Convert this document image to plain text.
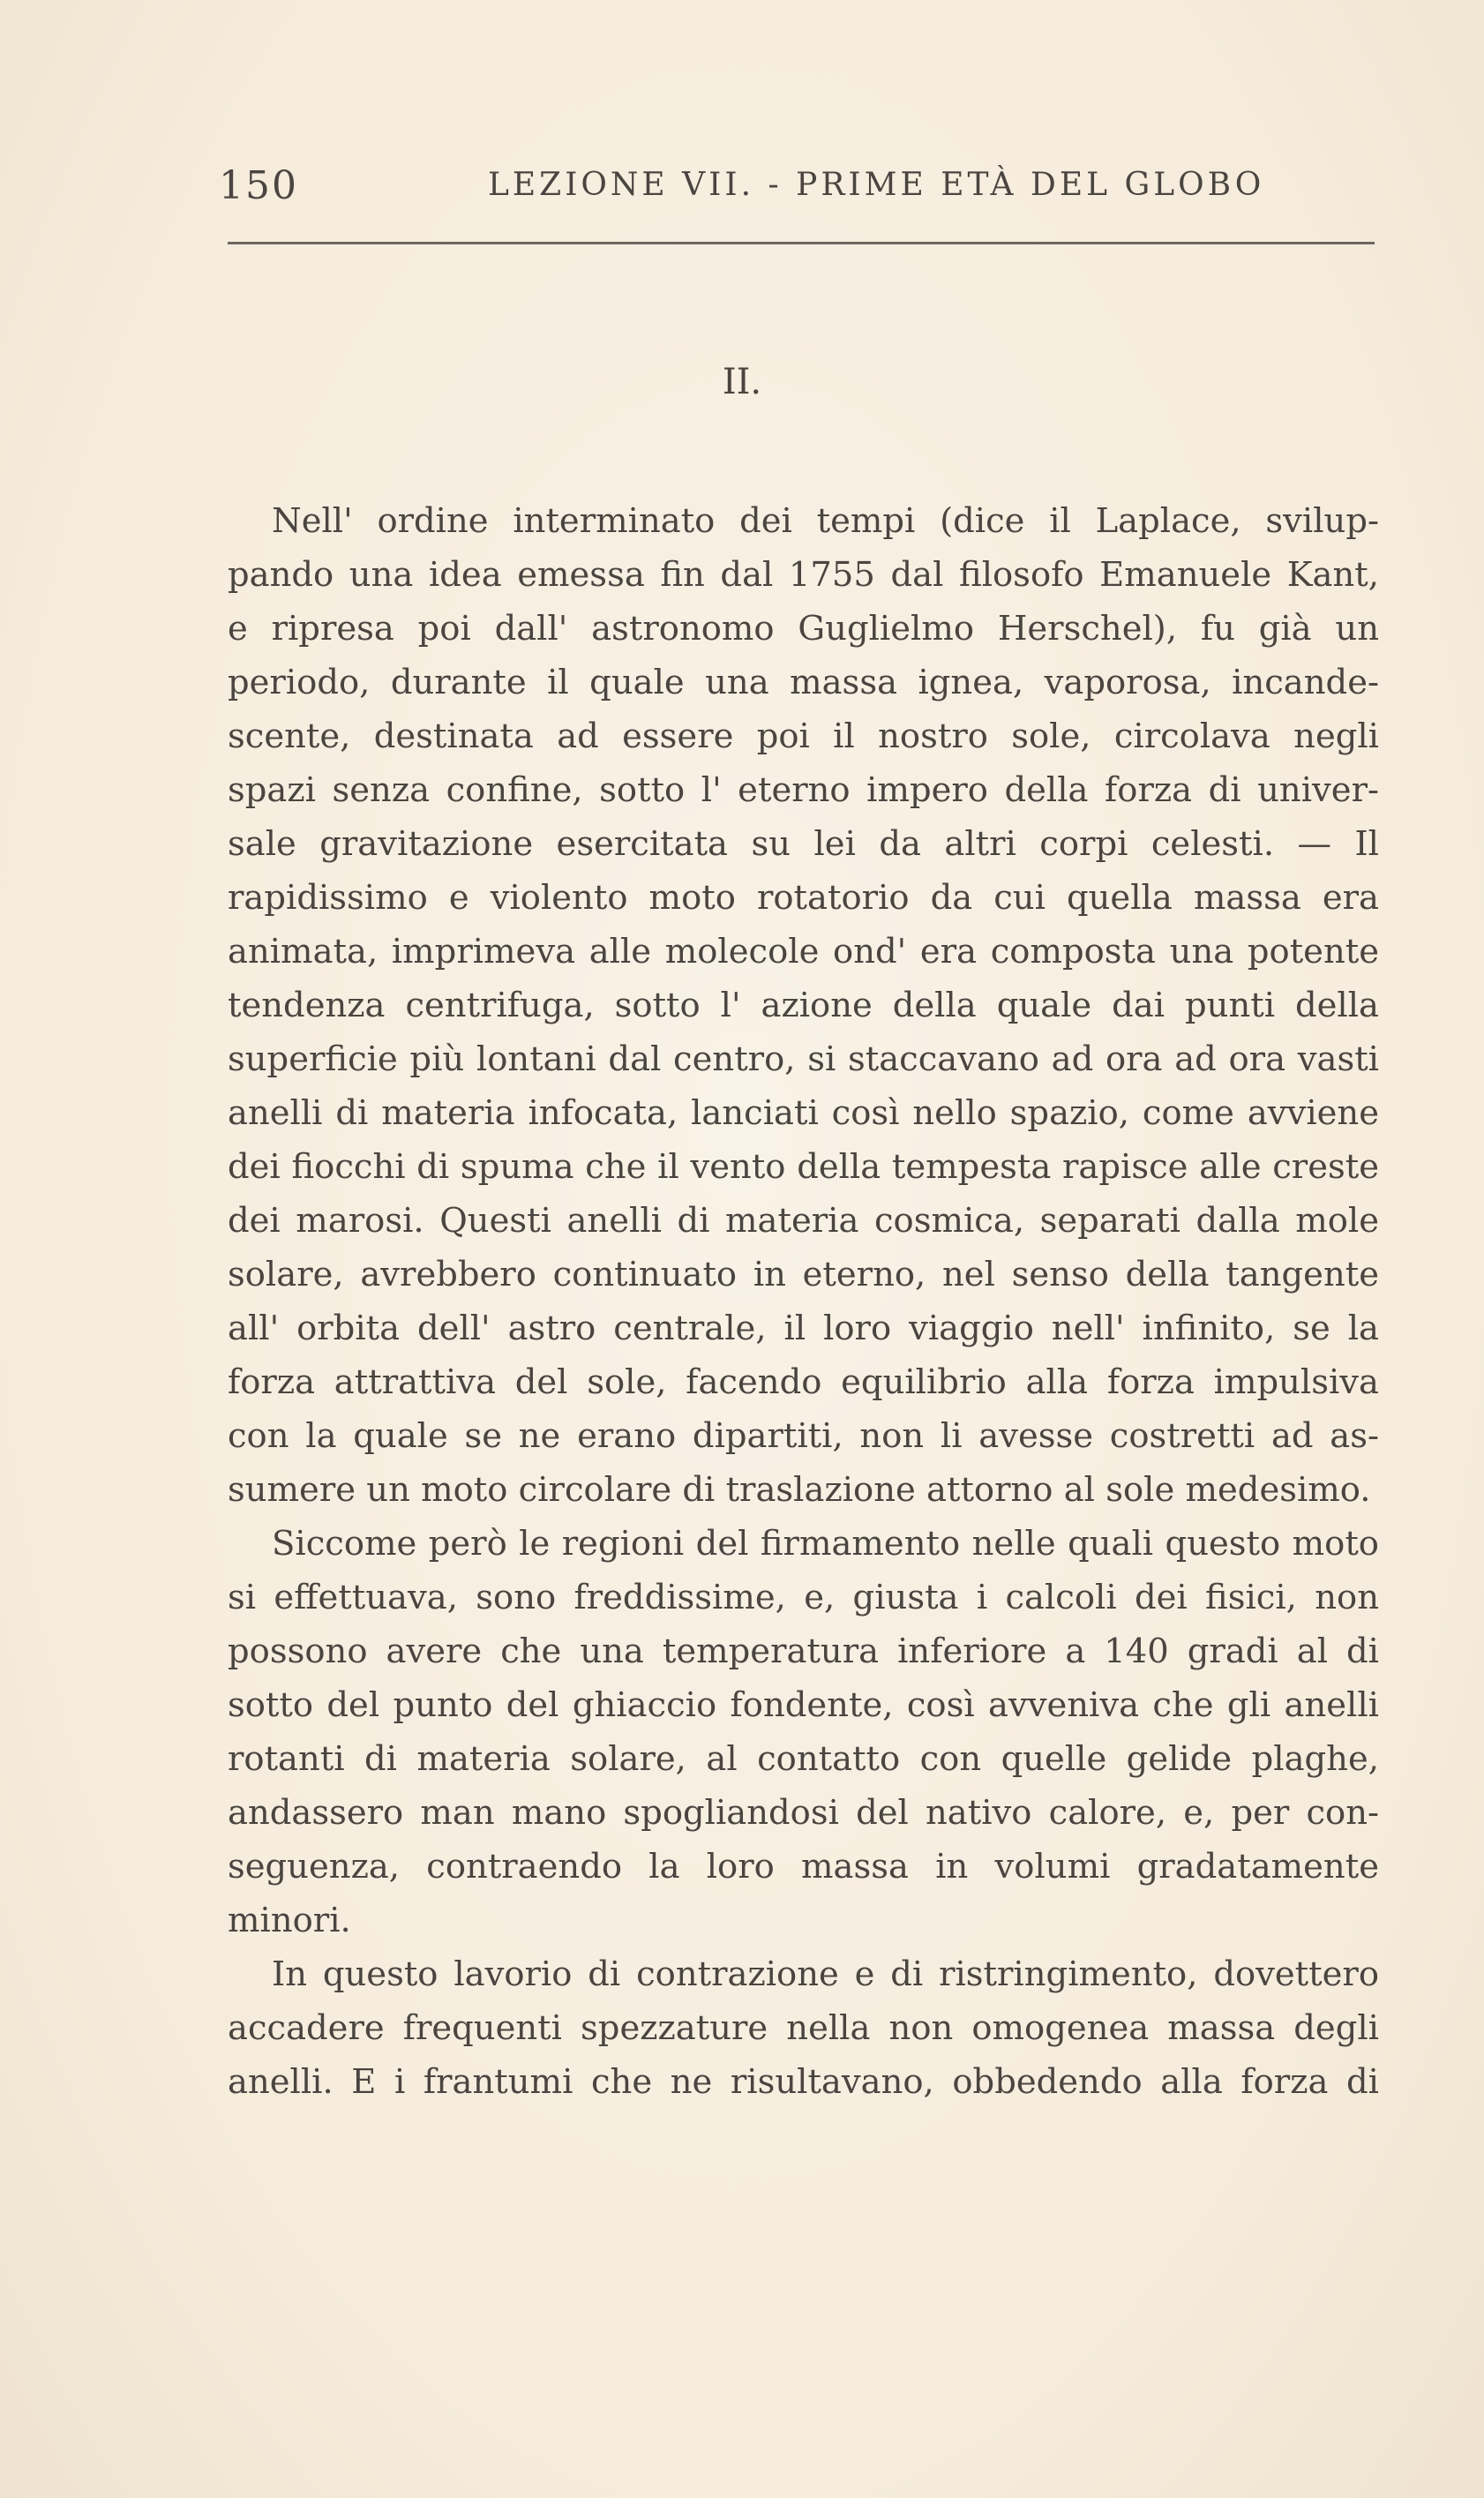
150	LEZIONE VII. - PRIME ETÀ DEL GLOBO
II.
Nell' ordine interminato dei tempi (dice il Laplace, svilup-
pando una idea emessa fin dal 1755 dal filosofo Emanuele Kant,
e ripresa poi dall' astronomo Guglielmo Herschel), fu già un
periodo, durante il quale una massa ignea, vaporosa, incande-
scente, destinata ad essere poi il nostro sole, circolava negli
spazi senza confine, sotto l' eterno impero della forza di univer-
sale gravitazione esercitata su lei da altri corpi celesti. — Il
rapidissimo e violento moto rotatorio da cui quella massa era
animata, imprimeva alle molecole ond' era composta una potente
tendenza centrifuga, sotto l' azione della quale dai punti della
superficie più lontani dal centro, si staccavano ad ora ad ora vasti
anelli di materia infocata, lanciati così nello spazio, come avviene
dei fiocchi di spuma che il vento della tempesta rapisce alle creste
dei marosi. Questi anelli di materia cosmica, separati dalla mole
solare, avrebbero continuato in eterno, nel senso della tangente
all' orbita dell' astro centrale, il loro viaggio nell' infinito, se la
forza attrattiva del sole, facendo equilibrio alla forza impulsiva
con la quale se ne erano dipartiti, non li avesse costretti ad as-
sumere un moto circolare di traslazione attorno al sole medesimo.
Siccome però le regioni del firmamento nelle quali questo moto
si effettuava, sono freddissime, e, giusta i calcoli dei fisici, non
possono avere che una temperatura inferiore a 140 gradi al di
sotto del punto del ghiaccio fondente, così avveniva che gli anelli
rotanti di materia solare, al contatto con quelle gelide plaghe,
andassero man mano spogliandosi del nativo calore, e, per con-
seguenza, contraendo la loro massa in volumi gradatamente
minori.
In questo lavorio di contrazione e di ristringimento, dovettero
accadere frequenti spezzature nella non omogenea massa degli
anelli. E i frantumi che ne risultavano, obbedendo alla forza di
